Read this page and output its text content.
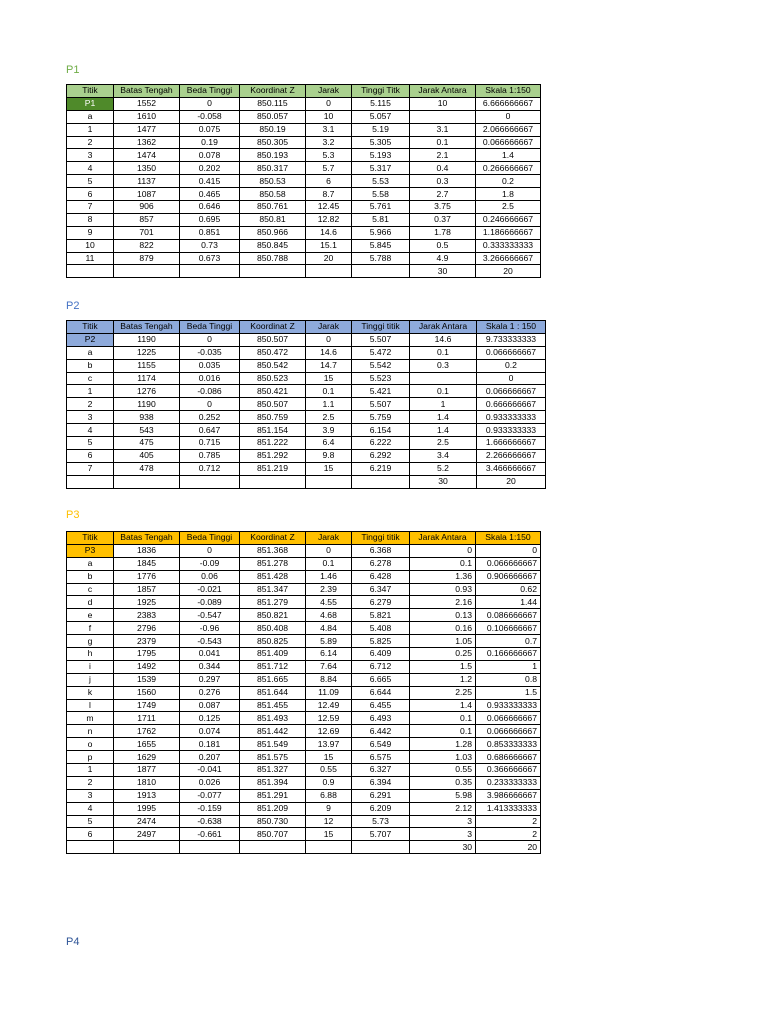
P1
Titik	Batas Tengah	Beda Tinggi	Koordinat Z	Jarak	Tinggi Titk	Jarak Antara	Skala 1:150
P1	1552	0	850.115	0	5.115	10	6.666666667
a	1610	-0.058	850.057	10	5.057		0
1	1477	0.075	850.19	3.1	5.19	3.1	2.066666667
2	1362	0.19	850.305	3.2	5.305	0.1	0.066666667
3	1474	0.078	850.193	5.3	5.193	2.1	1.4
4	1350	0.202	850.317	5.7	5.317	0.4	0.266666667
5	1137	0.415	850.53	6	5.53	0.3	0.2
6	1087	0.465	850.58	8.7	5.58	2.7	1.8
7	906	0.646	850.761	12.45	5.761	3.75	2.5
8	857	0.695	850.81	12.82	5.81	0.37	0.246666667
9	701	0.851	850.966	14.6	5.966	1.78	1.186666667
10	822	0.73	850.845	15.1	5.845	0.5	0.333333333
11	879	0.673	850.788	20	5.788	4.9	3.266666667
						30	20
P2
Titik	Batas Tengah	Beda Tinggi	Koordinat Z	Jarak	Tinggi titik	Jarak Antara	Skala 1 : 150
P2	1190	0	850.507	0	5.507	14.6	9.733333333
a	1225	-0.035	850.472	14.6	5.472	0.1	0.066666667
b	1155	0.035	850.542	14.7	5.542	0.3	0.2
c	1174	0.016	850.523	15	5.523		0
1	1276	-0.086	850.421	0.1	5.421	0.1	0.066666667
2	1190	0	850.507	1.1	5.507	1	0.666666667
3	938	0.252	850.759	2.5	5.759	1.4	0.933333333
4	543	0.647	851.154	3.9	6.154	1.4	0.933333333
5	475	0.715	851.222	6.4	6.222	2.5	1.666666667
6	405	0.785	851.292	9.8	6.292	3.4	2.266666667
7	478	0.712	851.219	15	6.219	5.2	3.466666667
						30	20
P3
Titik	Batas Tengah	Beda Tinggi	Koordinat Z	Jarak	Tinggi titik	Jarak Antara	Skala 1:150
P3	1836	0	851.368	0	6.368	0	0
a	1845	-0.09	851.278	0.1	6.278	0.1	0.066666667
b	1776	0.06	851.428	1.46	6.428	1.36	0.906666667
c	1857	-0.021	851.347	2.39	6.347	0.93	0.62
d	1925	-0.089	851.279	4.55	6.279	2.16	1.44
e	2383	-0.547	850.821	4.68	5.821	0.13	0.086666667
f	2796	-0.96	850.408	4.84	5.408	0.16	0.106666667
g	2379	-0.543	850.825	5.89	5.825	1.05	0.7
h	1795	0.041	851.409	6.14	6.409	0.25	0.166666667
i	1492	0.344	851.712	7.64	6.712	1.5	1
j	1539	0.297	851.665	8.84	6.665	1.2	0.8
k	1560	0.276	851.644	11.09	6.644	2.25	1.5
l	1749	0.087	851.455	12.49	6.455	1.4	0.933333333
m	1711	0.125	851.493	12.59	6.493	0.1	0.066666667
n	1762	0.074	851.442	12.69	6.442	0.1	0.066666667
o	1655	0.181	851.549	13.97	6.549	1.28	0.853333333
p	1629	0.207	851.575	15	6.575	1.03	0.686666667
1	1877	-0.041	851.327	0.55	6.327	0.55	0.366666667
2	1810	0.026	851.394	0.9	6.394	0.35	0.233333333
3	1913	-0.077	851.291	6.88	6.291	5.98	3.986666667
4	1995	-0.159	851.209	9	6.209	2.12	1.413333333
5	2474	-0.638	850.730	12	5.73	3	2
6	2497	-0.661	850.707	15	5.707	3	2
						30	20
P4
